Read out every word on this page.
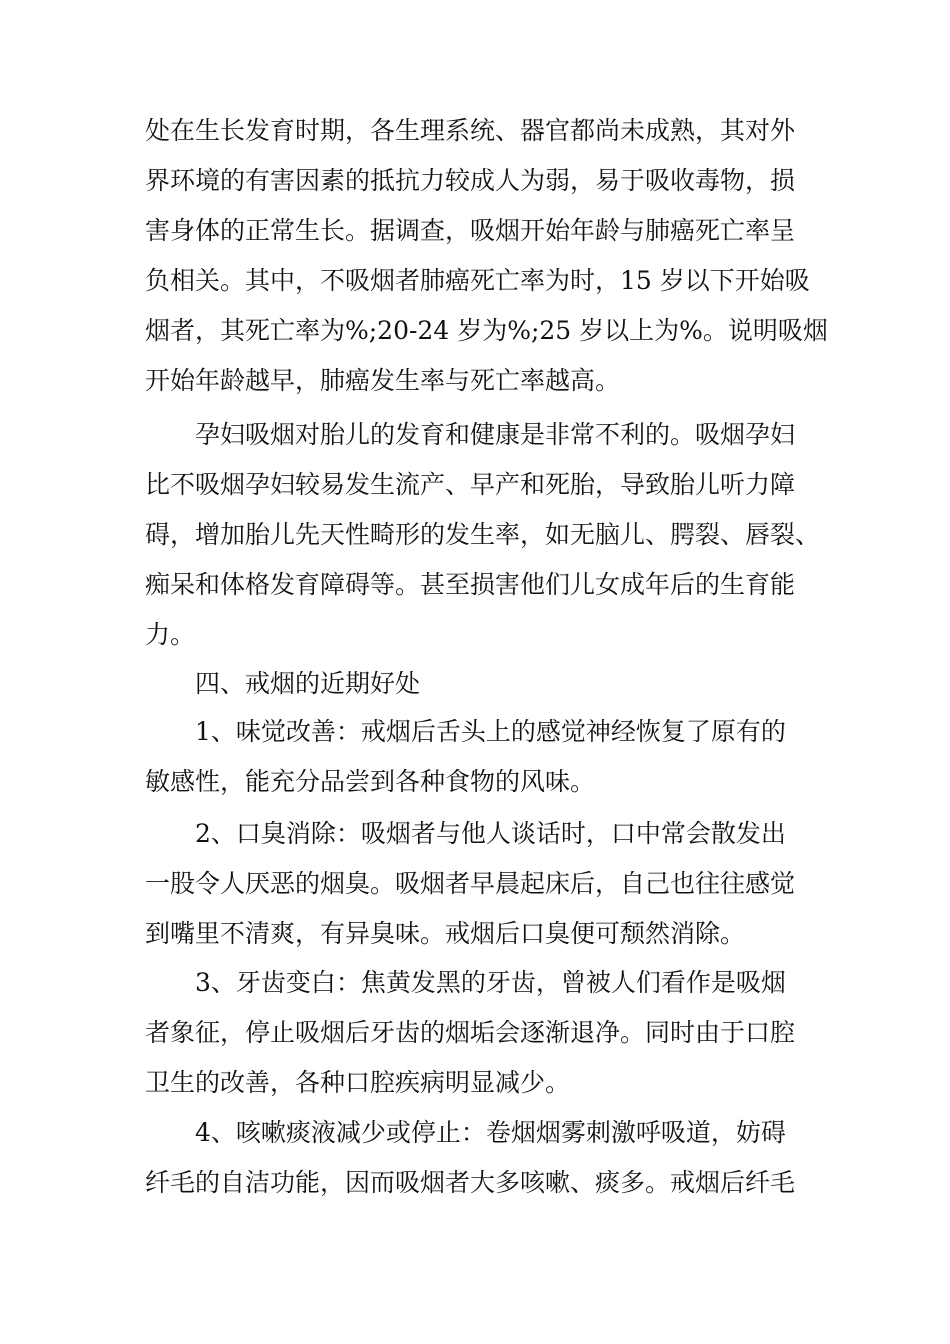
处在生长发育时期，各生理系统、器官都尚未成熟，其对外

界环境的有害因素的抵抗力较成人为弱，易于吸收毒物，损

害身体的正常生长。据调查，吸烟开始年龄与肺癌死亡率呈

负相关。其中，不吸烟者肺癌死亡率为时，15 岁以下开始吸

烟者，其死亡率为%;20-24 岁为%;25 岁以上为%。说明吸烟

开始年龄越早，肺癌发生率与死亡率越高。

孕妇吸烟对胎儿的发育和健康是非常不利的。吸烟孕妇

比不吸烟孕妇较易发生流产、早产和死胎，导致胎儿听力障

碍，增加胎儿先天性畸形的发生率，如无脑儿、腭裂、唇裂、

痴呆和体格发育障碍等。甚至损害他们儿女成年后的生育能

力。

四、戒烟的近期好处

1、味觉改善：戒烟后舌头上的感觉神经恢复了原有的

敏感性，能充分品尝到各种食物的风味。

2、口臭消除：吸烟者与他人谈话时，口中常会散发出

一股令人厌恶的烟臭。吸烟者早晨起床后，自己也往往感觉

到嘴里不清爽，有异臭味。戒烟后口臭便可颓然消除。

3、牙齿变白：焦黄发黑的牙齿，曾被人们看作是吸烟

者象征，停止吸烟后牙齿的烟垢会逐渐退净。同时由于口腔

卫生的改善，各种口腔疾病明显减少。

4、咳嗽痰液减少或停止：卷烟烟雾刺激呼吸道，妨碍

纤毛的自洁功能，因而吸烟者大多咳嗽、痰多。戒烟后纤毛
